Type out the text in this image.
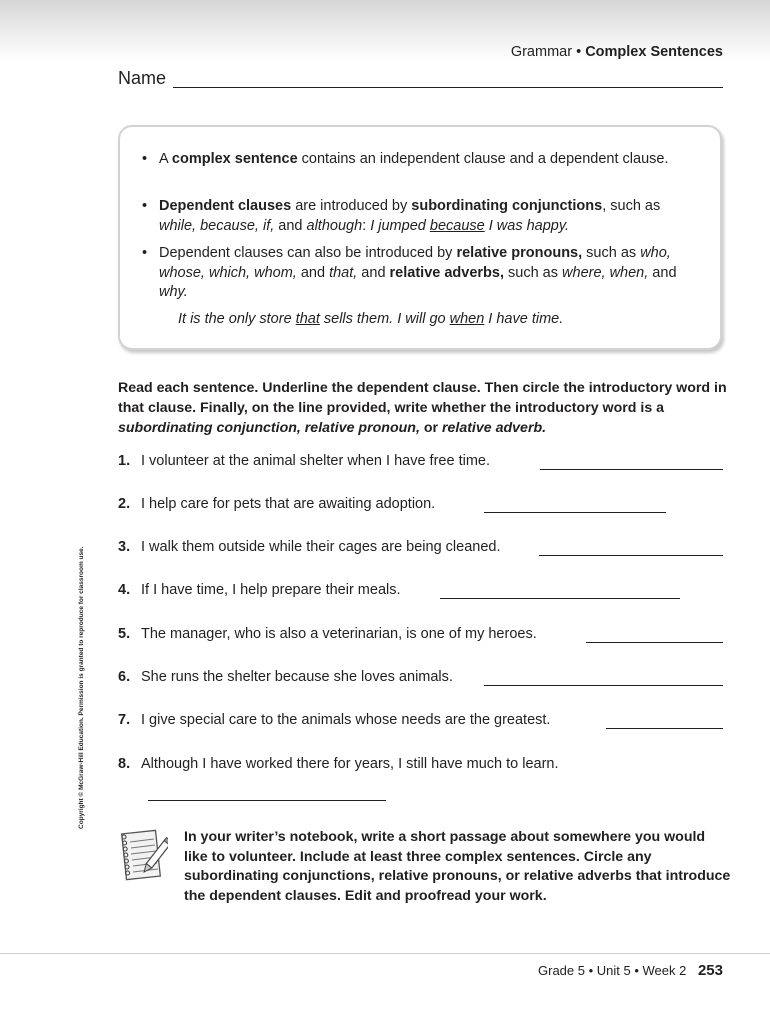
Grammar • Complex Sentences
Name
• A complex sentence contains an independent clause and a dependent clause.
• Dependent clauses are introduced by subordinating conjunctions, such as while, because, if, and although: I jumped because I was happy.
• Dependent clauses can also be introduced by relative pronouns, such as who, whose, which, whom, and that, and relative adverbs, such as where, when, and why.
It is the only store that sells them. I will go when I have time.
Read each sentence. Underline the dependent clause. Then circle the introductory word in that clause. Finally, on the line provided, write whether the introductory word is a subordinating conjunction, relative pronoun, or relative adverb.
1. I volunteer at the animal shelter when I have free time.
2. I help care for pets that are awaiting adoption.
3. I walk them outside while their cages are being cleaned.
4. If I have time, I help prepare their meals.
5. The manager, who is also a veterinarian, is one of my heroes.
6. She runs the shelter because she loves animals.
7. I give special care to the animals whose needs are the greatest.
8. Although I have worked there for years, I still have much to learn.
Copyright © McGraw-Hill Education. Permission is granted to reproduce for classroom use.
In your writer’s notebook, write a short passage about somewhere you would like to volunteer. Include at least three complex sentences. Circle any subordinating conjunctions, relative pronouns, or relative adverbs that introduce the dependent clauses. Edit and proofread your work.
Grade 5 • Unit 5 • Week 2 253
